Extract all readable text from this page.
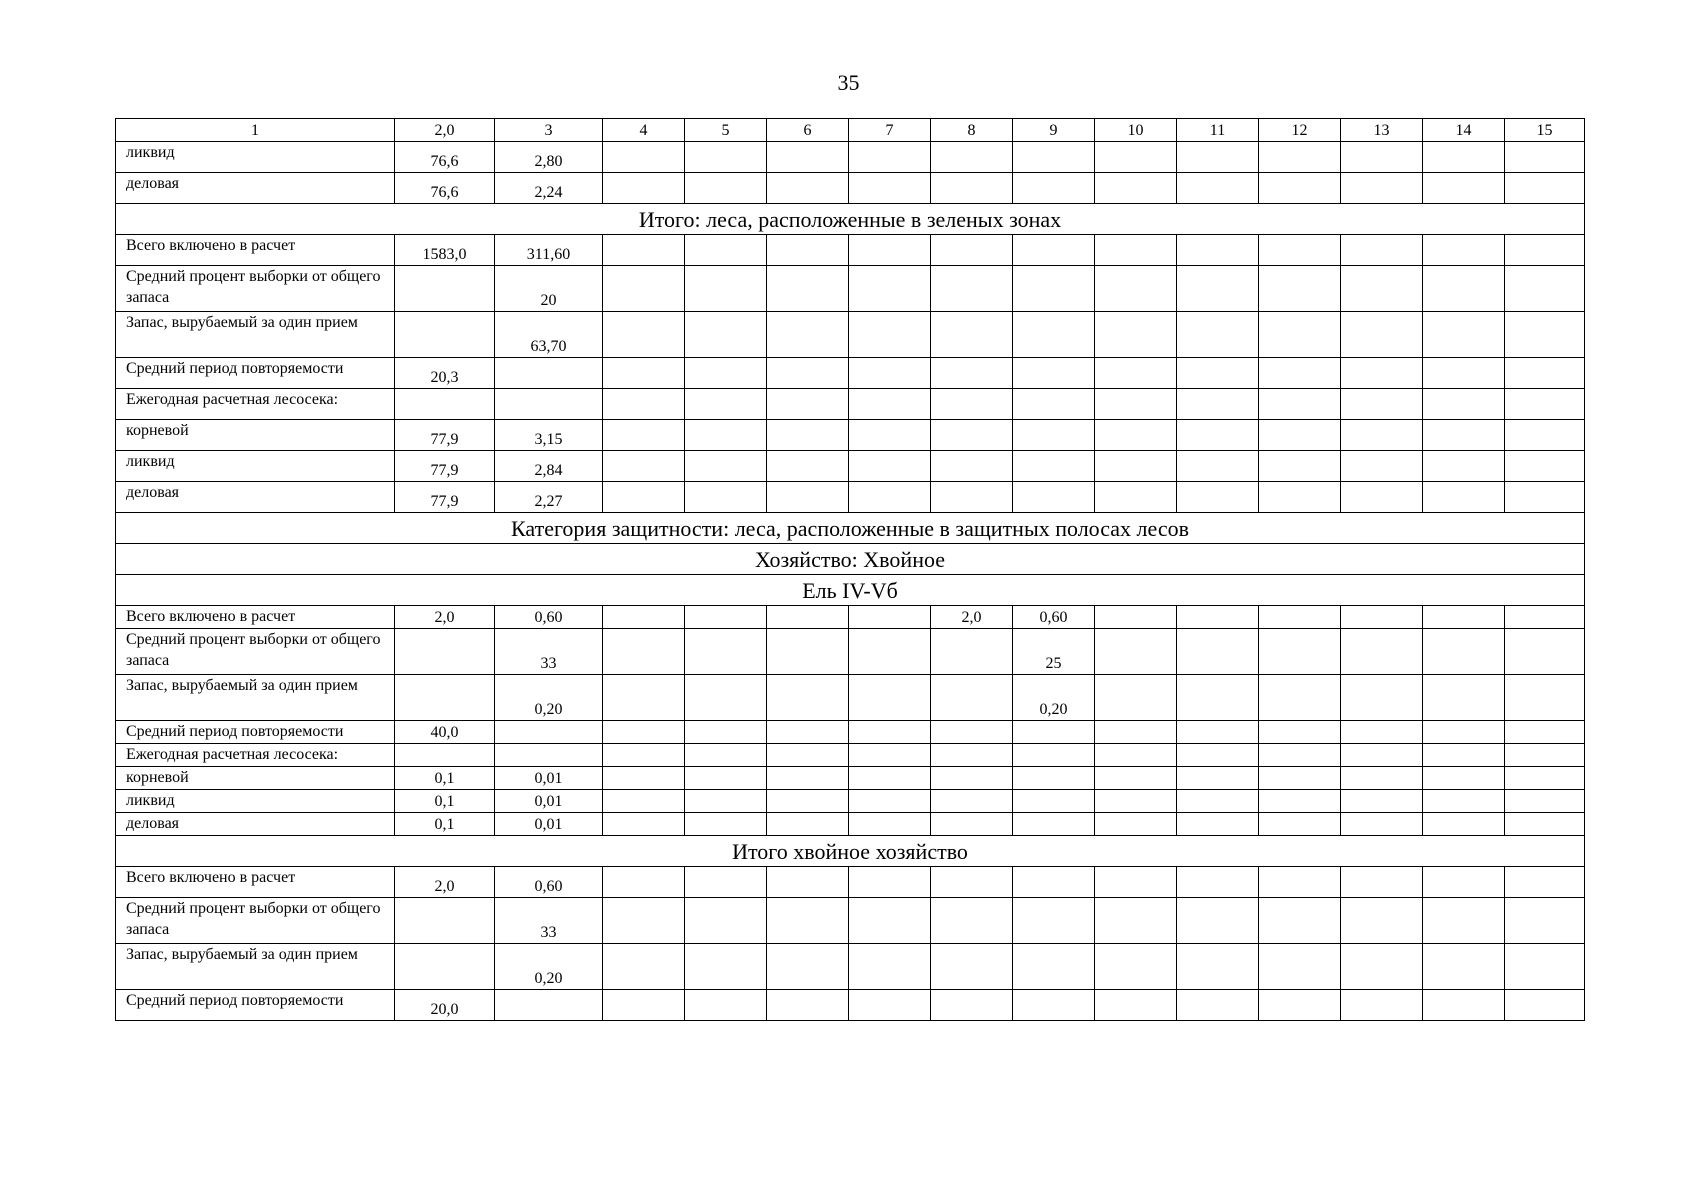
35
1	2,0	3	4	5	6	7	8	9	10	11	12	13	14	15
ликвид	76,6	2,80												
деловая	76,6	2,24												
Итого: леса, расположенные в зеленых зонах														
Всего включено в расчет	1583,0	311,60												
Средний процент выборки от общего запаса		20												
Запас, вырубаемый за один прием		63,70												
Средний период повторяемости	20,3													
Ежегодная расчетная лесосека:														
корневой	77,9	3,15												
ликвид	77,9	2,84												
деловая	77,9	2,27												
Категория защитности: леса, расположенные в защитных полосах лесов														
Хозяйство: Хвойное														
Ель IV-Vб														
Всего включено в расчет	2,0	0,60					2,0	0,60						
Средний процент выборки от общего запаса		33						25						
Запас, вырубаемый за один прием		0,20						0,20						
Средний период повторяемости	40,0													
Ежегодная расчетная лесосека:														
корневой	0,1	0,01												
ликвид	0,1	0,01												
деловая	0,1	0,01												
Итого хвойное хозяйство														
Всего включено в расчет	2,0	0,60												
Средний процент выборки от общего запаса		33												
Запас, вырубаемый за один прием		0,20												
Средний период повторяемости	20,0													
